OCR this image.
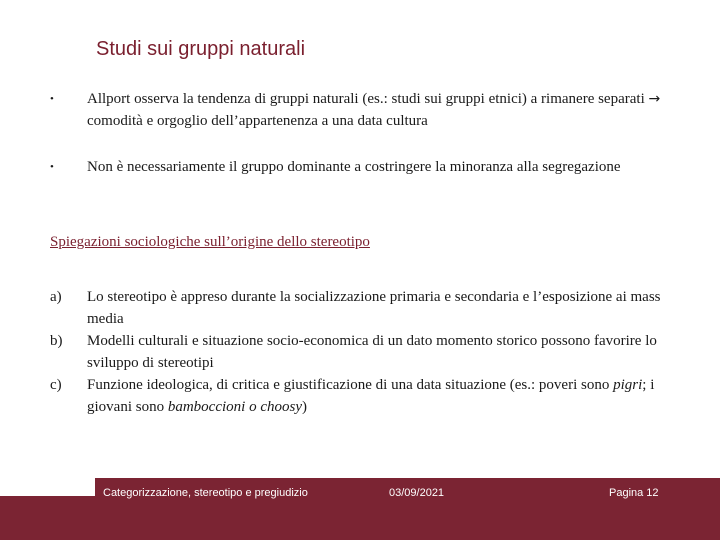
Studi sui gruppi naturali
•	Allport osserva la tendenza di gruppi naturali (es.: studi sui gruppi etnici) a rimanere separati → comodità e orgoglio dell’appartenenza a una data cultura
•	Non è necessariamente il gruppo dominante a costringere la minoranza alla segregazione
Spiegazioni sociologiche sull’origine dello stereotipo
a)	Lo stereotipo è appreso durante la socializzazione primaria e secondaria e l’esposizione ai mass media
b)	Modelli culturali e situazione socio-economica di un dato momento storico possono favorire lo sviluppo di stereotipi
c)	Funzione ideologica, di critica e giustificazione di una data situazione (es.: poveri sono pigri; i giovani sono bamboccioni o choosy)
Categorizzazione, stereotipo e pregiudizio	03/09/2021	Pagina 12
